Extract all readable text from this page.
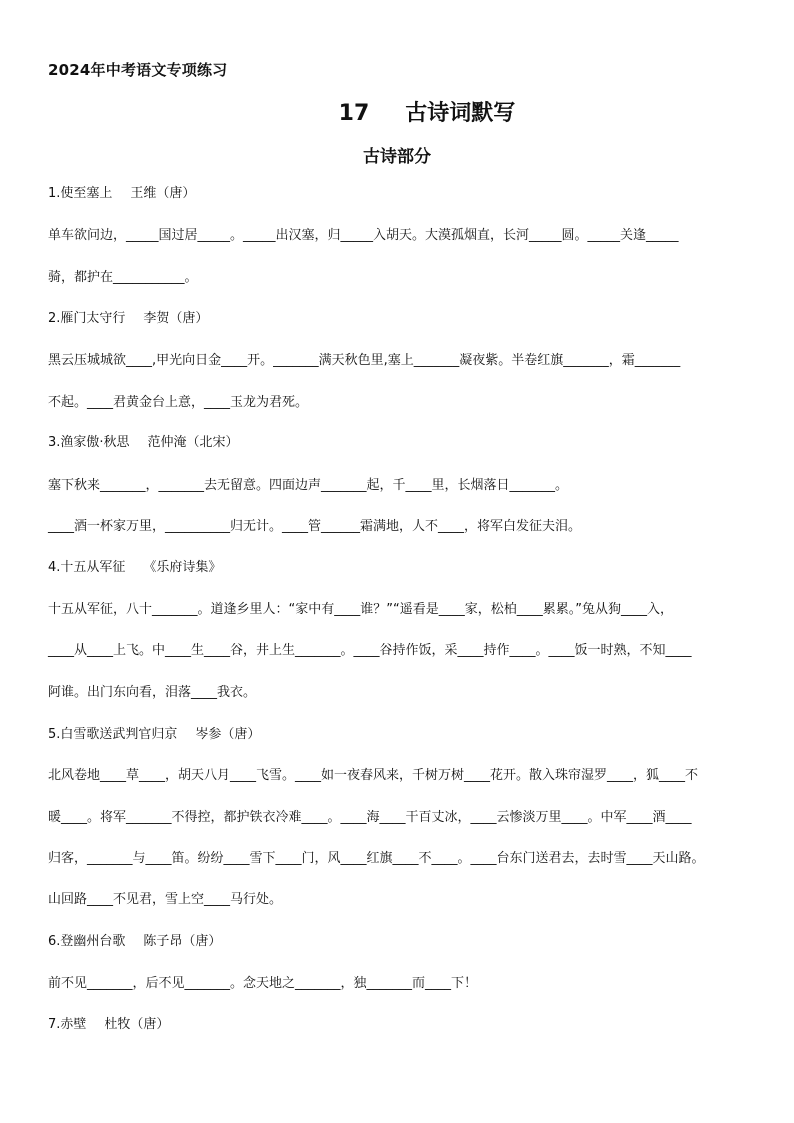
2024年中考语文专项练习
17 古诗词默写
古诗部分
1.使至塞上 王维（唐）
单车欲问边，_____国过居_____。_____出汉塞，归_____入胡天。大漠孤烟直，长河_____圆。_____关逢_____
骑，都护在___________。
2.雁门太守行 李贺（唐）
黑云压城城欲____,甲光向日金____开。_______满天秋色里,塞上_______凝夜紫。半卷红旗_______，霜_______
不起。____君黄金台上意，____玉龙为君死。
3.渔家傲·秋思 范仲淹（北宋）
塞下秋来_______，_______去无留意。四面边声_______起，千____里，长烟落日_______。
____酒一杯家万里，__________归无计。____管______霜满地，人不____，将军白发征夫泪。
4.十五从军征 《乐府诗集》
十五从军征，八十_______。道逢乡里人：“家中有____谁？”“遥看是____家，松柏____累累。”兔从狗____入，
____从____上飞。中____生____谷，井上生_______。____谷持作饭，采____持作____。____饭一时熟，不知____
阿谁。出门东向看，泪落____我衣。
5.白雪歌送武判官归京 岑参（唐）
北风卷地____草____，胡天八月____飞雪。____如一夜春风来，千树万树____花开。散入珠帘湿罗____，狐____不
暖____。将军_______不得控，都护铁衣冷难____。____海____干百丈冰，____云惨淡万里____。中军____酒____
归客，_______与____笛。纷纷____雪下____门，风____红旗____不____。____台东门送君去，去时雪____天山路。
山回路____不见君，雪上空____马行处。
6.登幽州台歌 陈子昂（唐）
前不见_______，后不见_______。念天地之_______，独_______而____下！
7.赤壁 杜牧（唐）
